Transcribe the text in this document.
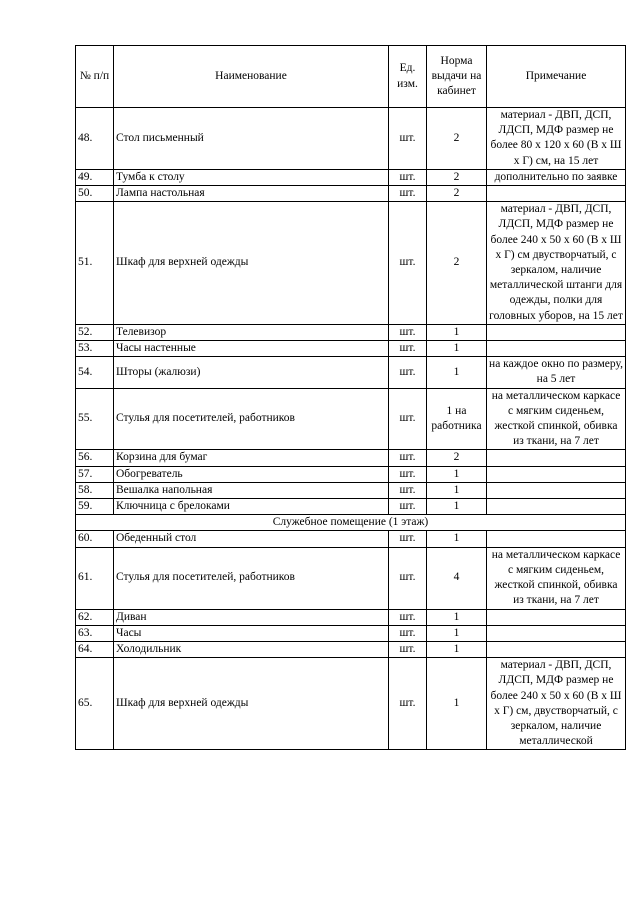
№ п/п	Наименование	Ед. изм.	Норма выдачи на кабинет	Примечание
48.	Стол письменный	шт.	2	материал - ДВП, ДСП, ЛДСП, МДФ размер не более 80 х 120 х 60 (В х Ш х Г) см, на 15 лет
49.	Тумба к столу	шт.	2	дополнительно по заявке
50.	Лампа настольная	шт.	2	
51.	Шкаф для верхней одежды	шт.	2	материал - ДВП, ДСП, ЛДСП, МДФ размер не более 240 х 50 х 60 (В х Ш х Г) см двустворчатый, с зеркалом, наличие металлической штанги для одежды, полки для головных уборов, на 15 лет
52.	Телевизор	шт.	1	
53.	Часы настенные	шт.	1	
54.	Шторы (жалюзи)	шт.	1	на каждое окно по размеру, на 5 лет
55.	Стулья для посетителей, работников	шт.	1 на работника	на металлическом каркасе с мягким сиденьем, жесткой спинкой, обивка из ткани, на 7 лет
56.	Корзина для бумаг	шт.	2	
57.	Обогреватель	шт.	1	
58.	Вешалка напольная	шт.	1	
59.	Ключница с брелоками	шт.	1	
Служебное помещение (1 этаж)				
60.	Обеденный стол	шт.	1	
61.	Стулья для посетителей, работников	шт.	4	на металлическом каркасе с мягким сиденьем, жесткой спинкой, обивка из ткани, на 7 лет
62.	Диван	шт.	1	
63.	Часы	шт.	1	
64.	Холодильник	шт.	1	
65.	Шкаф для верхней одежды	шт.	1	материал - ДВП, ДСП, ЛДСП, МДФ размер не более 240 х 50 х 60 (В х Ш х Г) см, двустворчатый, с зеркалом, наличие металлической
